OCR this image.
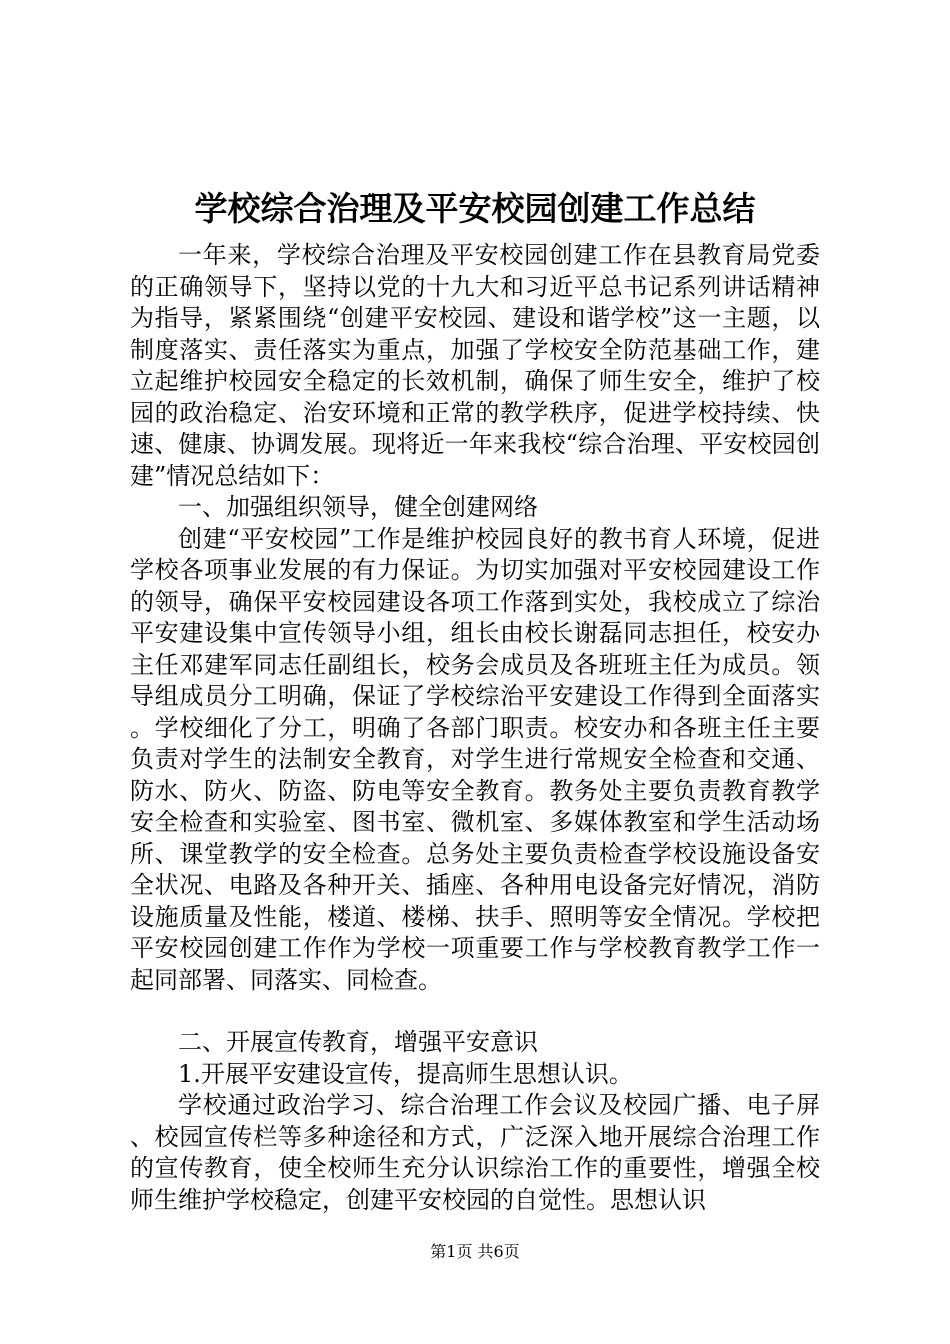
学校综合治理及平安校园创建工作总结

一年来，学校综合治理及平安校园创建工作在县教育局党委的正确领导下，坚持以党的十九大和习近平总书记系列讲话精神为指导，紧紧围绕“创建平安校园、建设和谐学校”这一主题，以制度落实、责任落实为重点，加强了学校安全防范基础工作，建立起维护校园安全稳定的长效机制，确保了师生安全，维护了校园的政治稳定、治安环境和正常的教学秩序，促进学校持续、快速、健康、协调发展。现将近一年来我校“综合治理、平安校园创建”情况总结如下：

一、加强组织领导，健全创建网络

创建“平安校园”工作是维护校园良好的教书育人环境，促进学校各项事业发展的有力保证。为切实加强对平安校园建设工作的领导，确保平安校园建设各项工作落到实处，我校成立了综治平安建设集中宣传领导小组，组长由校长谢磊同志担任，校安办主任邓建军同志任副组长，校务会成员及各班班主任为成员。领导组成员分工明确，保证了学校综治平安建设工作得到全面落实。学校细化了分工，明确了各部门职责。校安办和各班主任主要负责对学生的法制安全教育，对学生进行常规安全检查和交通、防水、防火、防盗、防电等安全教育。教务处主要负责教育教学安全检查和实验室、图书室、微机室、多媒体教室和学生活动场所、课堂教学的安全检查。总务处主要负责检查学校设施设备安全状况、电路及各种开关、插座、各种用电设备完好情况，消防设施质量及性能，楼道、楼梯、扶手、照明等安全情况。学校把平安校园创建工作作为学校一项重要工作与学校教育教学工作一起同部署、同落实、同检查。

二、开展宣传教育，增强平安意识

1.开展平安建设宣传，提高师生思想认识。

学校通过政治学习、综合治理工作会议及校园广播、电子屏、校园宣传栏等多种途径和方式，广泛深入地开展综合治理工作的宣传教育，使全校师生充分认识综治工作的重要性，增强全校师生维护学校稳定，创建平安校园的自觉性。思想认识

第1页 共6页
